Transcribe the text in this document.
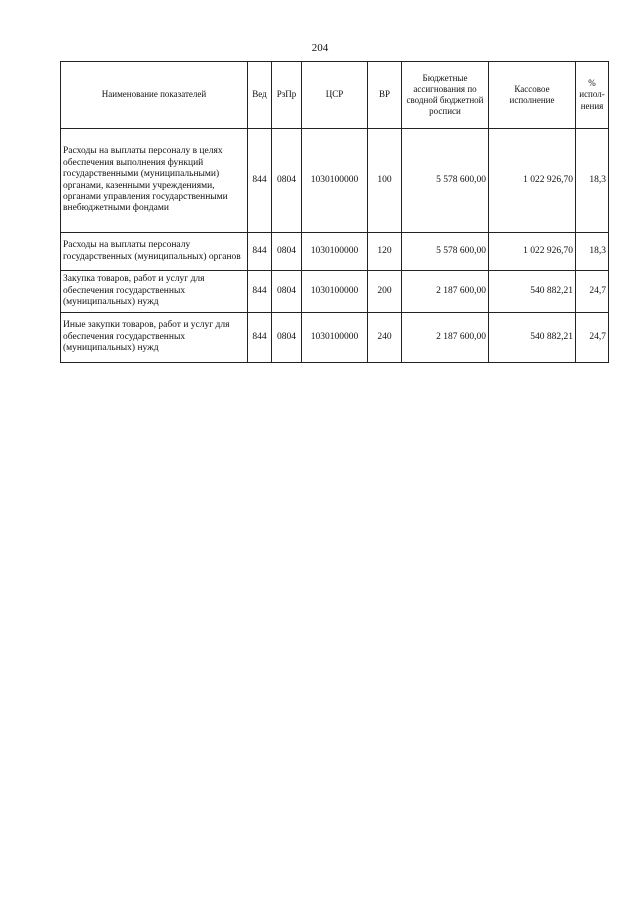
204
Наименование показателей	Вед	РзПр	ЦСР	ВР	Бюджетные ассигнования по сводной бюджетной росписи	Кассовое исполнение	% испол-нения
Расходы на выплаты персоналу в целях обеспечения выполнения функций государственными (муниципальными) органами, казенными учреждениями, органами управления государственными внебюджетными фондами	844	0804	1030100000	100	5 578 600,00	1 022 926,70	18,3
Расходы на выплаты персоналу государственных (муниципальных) органов	844	0804	1030100000	120	5 578 600,00	1 022 926,70	18,3
Закупка товаров, работ и услуг для обеспечения государственных (муниципальных) нужд	844	0804	1030100000	200	2 187 600,00	540 882,21	24,7
Иные закупки товаров, работ и услуг для обеспечения государственных (муниципальных) нужд	844	0804	1030100000	240	2 187 600,00	540 882,21	24,7
